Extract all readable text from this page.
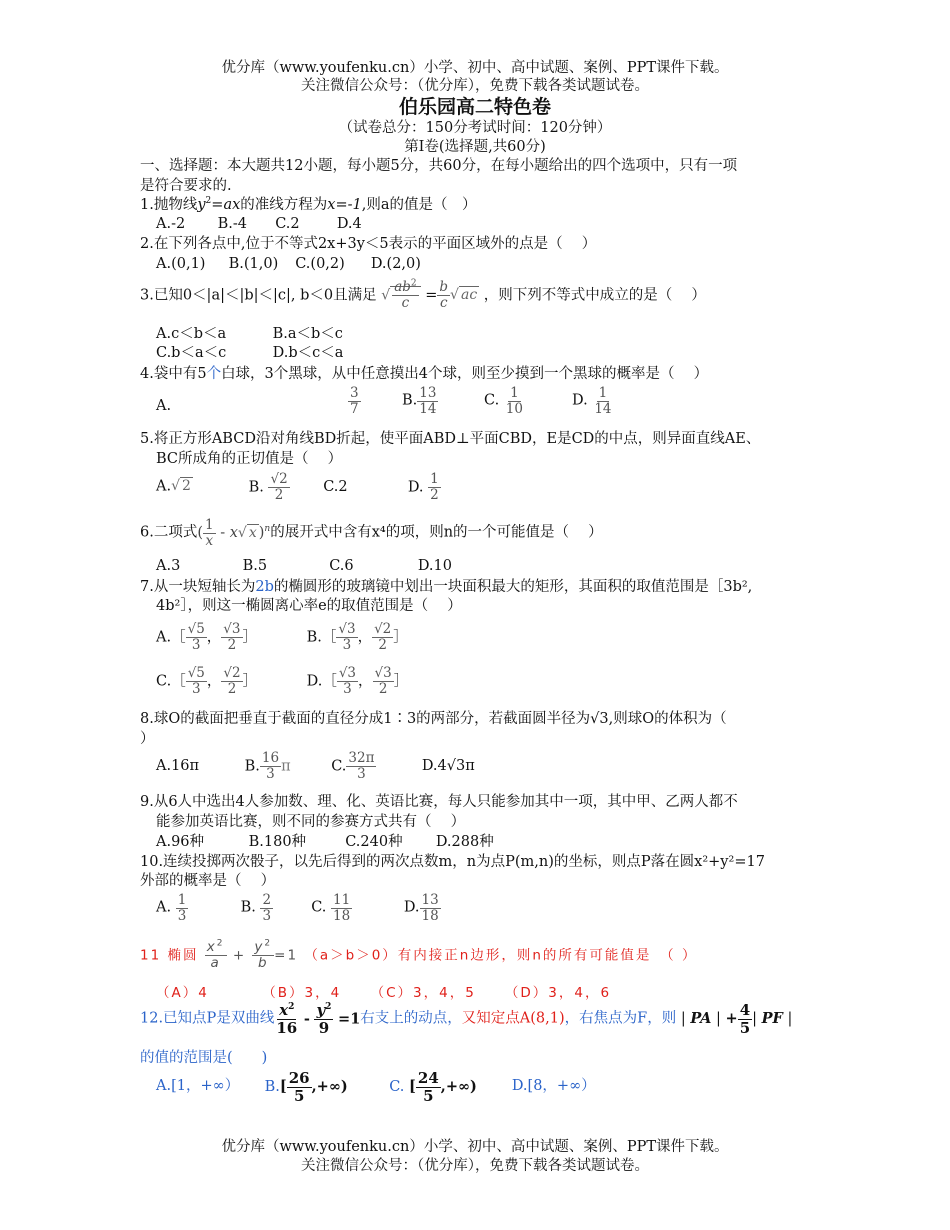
优分库（www.youfenku.cn）小学、初中、高中试题、案例、PPT课件下载。
关注微信公众号：（优分库），免费下载各类试题试卷。
伯乐园高二特色卷
（试卷总分：150分考试时间：120分钟）
第Ⅰ卷(选择题,共60分)
一、选择题：本大题共12小题，每小题5分，共60分，在每小题给出的四个选项中，只有一项
是符合要求的.
1.抛物线$y^2=ax$的准线方程为x=-1,则a的值是（　）
A.-2 B.-4 C.2	D.4
2.在下列各点中,位于不等式2x+3y＜5表示的平面区域外的点是（　 ）
A.(0,1) B.(1,0) C.(0,2) D.(2,0)
3.已知0＜|a|＜|b|＜|c|, b＜0且满足 √ $\frac{ab^2}{c} = \frac{b}{c}$ √ ac ，则下列不等式中成立的是（　 ）
A.c＜b＜a	B.a＜b＜c
C.b＜a＜c	D.b＜c＜a
4.袋中有5个白球，3个黑球，从中任意摸出4个球，则至少摸到一个黑球的概率是（　 ）
A.	$\frac{3}{7}$	B. $\frac{13}{14}$	C. $\frac{1}{10}$	D. $\frac{1}{14}$
5.将正方形ABCD沿对角线BD折起，使平面ABD⊥平面CBD，E是CD的中点，则异面直线AE、
BC所成角的正切值是（　 ）
A.√ 2	B. $\frac{√2}{2} C.2$	D. $\frac{1}{2}$
6.二项式( $\frac{1}{x} - x√$ x )$^n$的展开式中含有x⁴的项，则n的一个可能值是（　 ）
A.3	B.5	C.6	D.10
7.从一块短轴长为2b的椭圆形的玻璃镜中划出一块面积最大的矩形，其面积的取值范围是［3b²,
4b²］，则这一椭圆离心率e的取值范围是（　 ）
A.［ $\frac{√5}{3}$ ， $\frac{√3}{2}$ ］	B.［ $\frac{√3}{3}$ ， $\frac{√2}{2}$ ］
C.［ $\frac{√5}{3}$ ， $\frac{√2}{2}$ ］	D.［ $\frac{√3}{3}$ ， $\frac{√3}{2}$ ］
8.球O的截面把垂直于截面的直径分成1∶3的两部分，若截面圆半径为√3,则球O的体积为（
）
A.16π	B. $\frac{16}{3}$ π	C. $\frac{32\pi}{3}$	D.4√3π
9.从6人中选出4人参加数、理、化、英语比赛，每人只能参加其中一项，其中甲、乙两人都不
能参加英语比赛，则不同的参赛方式共有（　 ）
A.96种	B.180种	C.240种 D.288种
10.连续投掷两次骰子，以先后得到的两次点数m，n为点P(m,n)的坐标，则点P落在圆x²+y²=17
外部的概率是（　 ）
A. $\frac{1}{3}$	B. $\frac{2}{3}$	C. $\frac{11}{18}$	D. $\frac{13}{18}$
11 椭圆 $\frac{x^2}{a} + \frac{y^2}{b} =1$ （a＞b＞0）有内接正n边形，则n的所有可能值是　（ ）
（A）4	（B）3，4 （C）3，4，5 （D）3，4，6
12.已知点P是双曲线 $\frac{x^2}{16} - \frac{y^2}{9} =1$右支上的动点，又知定点A(8,1)，右焦点为F，则 | PA | + $\frac{4}{5}$ | PF |
的值的范围是(　　)
A.[1，+∞） $B.[ \frac{26}{5}$ ,+∞)	C. [ $\frac{24}{5}$ ,+∞) D.[8，+∞）
优分库（www.youfenku.cn）小学、初中、高中试题、案例、PPT课件下载。
关注微信公众号：（优分库），免费下载各类试题试卷。
